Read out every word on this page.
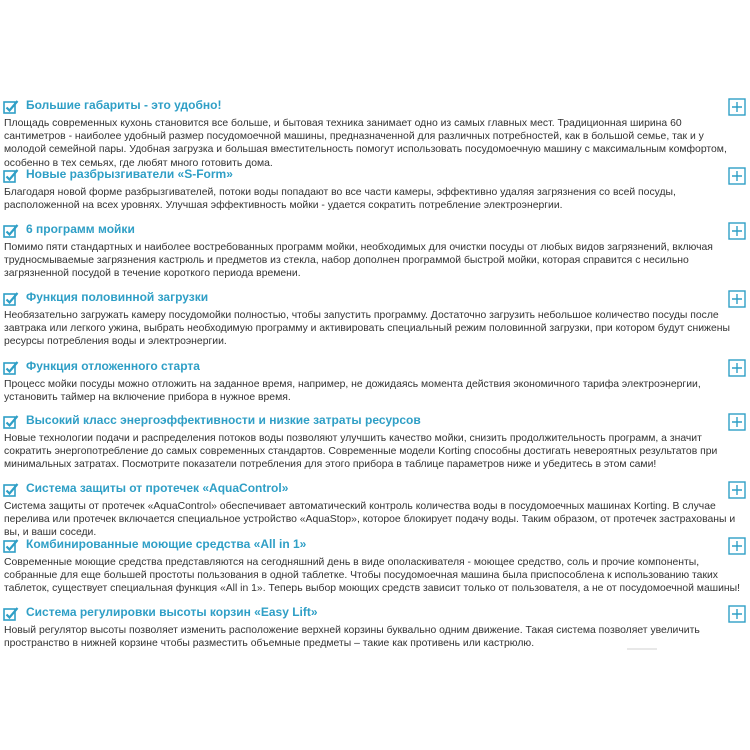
Большие габариты - это удобно!

Площадь современных кухонь становится все больше, и бытовая техника занимает одно из самых главных мест. Традиционная ширина 60 сантиметров - наиболее удобный размер посудомоечной машины, предназначенной для различных потребностей, как в большой семье, так и у молодой семейной пары. Удобная загрузка и большая вместительность помогут использовать посудомоечную машину с максимальным комфортом, особенно в тех семьях, где любят много готовить дома.

Новые разбрызгиватели «S-Form»

Благодаря новой форме разбрызгивателей, потоки воды попадают во все части камеры, эффективно удаляя загрязнения со всей посуды, расположенной на всех уровнях. Улучшая эффективность мойки - удается сократить потребление электроэнергии.

6 программ мойки

Помимо пяти стандартных и наиболее востребованных программ мойки, необходимых для очистки посуды от любых видов загрязнений, включая трудносмываемые загрязнения кастрюль и предметов из стекла, набор дополнен программой быстрой мойки, которая справится с несильно загрязненной посудой в течение короткого периода времени.

Функция половинной загрузки

Необязательно загружать камеру посудомойки полностью, чтобы запустить программу. Достаточно загрузить небольшое количество посуды после завтрака или легкого ужина, выбрать необходимую программу и активировать специальный режим половинной загрузки, при котором будут снижены ресурсы потребления воды и электроэнергии.

Функция отложенного старта

Процесс мойки посуды можно отложить на заданное время, например, не дожидаясь момента действия экономичного тарифа электроэнергии, установить таймер на включение прибора в нужное время.

Высокий класс энергоэффективности и низкие затраты ресурсов

Новые технологии подачи и распределения потоков воды позволяют улучшить качество мойки, снизить продолжительность программ, а значит сократить энергопотребление до самых современных стандартов. Современные модели Korting способны достигать невероятных результатов при минимальных затратах. Посмотрите показатели потребления для этого прибора в таблице параметров ниже и убедитесь в этом сами!

Система защиты от протечек «AquaControl»

Система защиты от протечек «AquaControl» обеспечивает автоматический контроль количества воды в посудомоечных машинах Korting. В случае перелива или протечек включается специальное устройство «AquaStop», которое блокирует подачу воды. Таким образом, от протечек застрахованы и вы, и ваши соседи.

Комбинированные моющие средства «All in 1»

Современные моющие средства представляются на сегодняшний день в виде ополаскивателя - моющее средство, соль и прочие компоненты, собранные для еще большей простоты пользования в одной таблетке. Чтобы посудомоечная машина была приспособлена к использованию таких таблеток, существует специальная функция «All in 1». Теперь выбор моющих средств зависит только от пользователя, а не от посудомоечной машины!

Система регулировки высоты корзин «Easy Lift»

Новый регулятор высоты позволяет изменить расположение верхней корзины буквально одним движение. Такая система позволяет увеличить пространство в нижней корзине чтобы разместить объемные предметы – такие как противень или кастрюлю.
